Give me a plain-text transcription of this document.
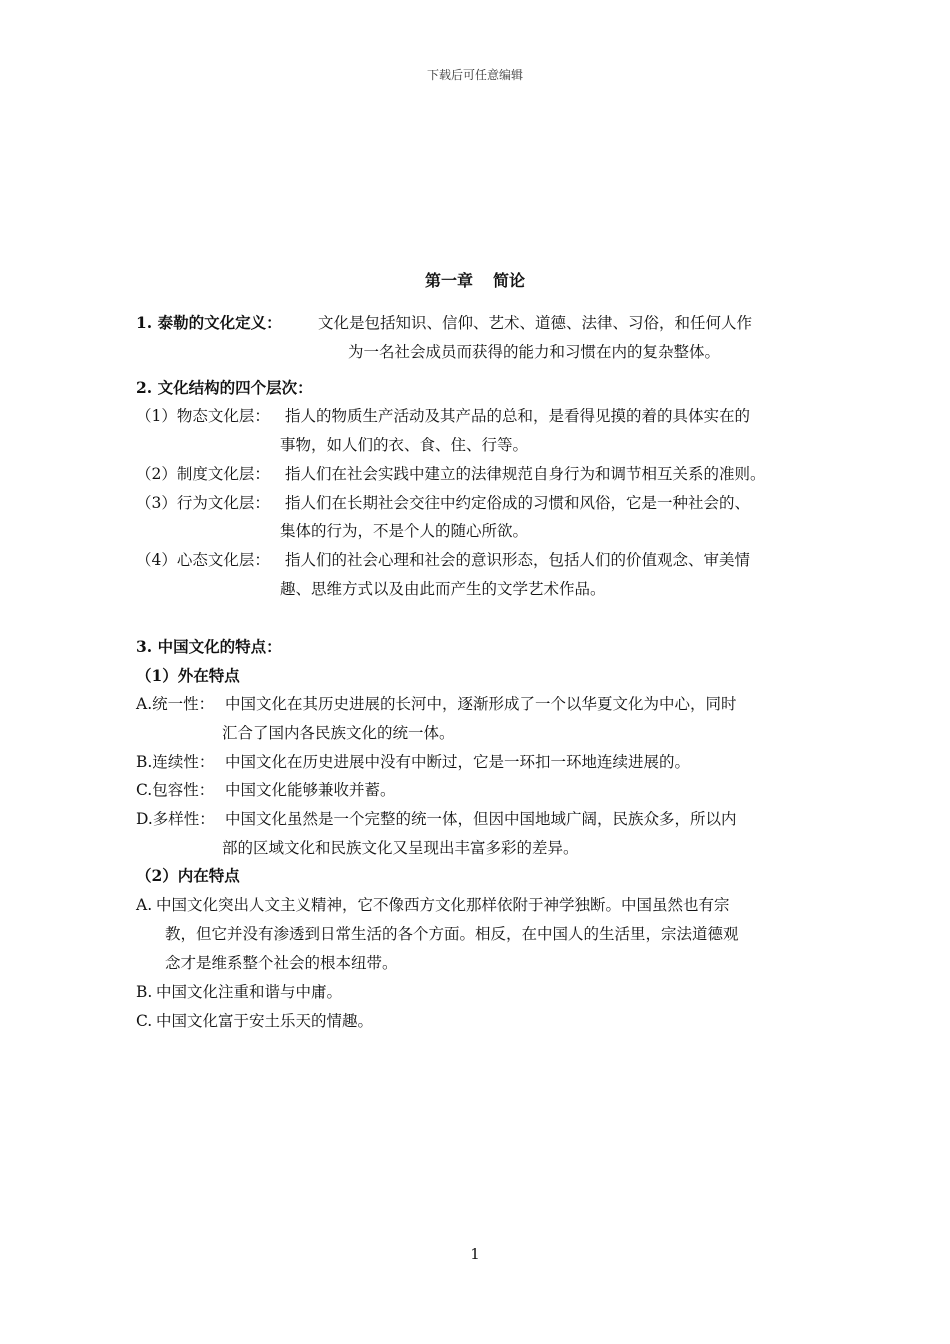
下载后可任意编辑
第一章 简论
1. 泰勒的文化定义： 文化是包括知识、信仰、艺术、道德、法律、习俗，和任何人作
为一名社会成员而获得的能力和习惯在内的复杂整体。
2. 文化结构的四个层次：
（1）物态文化层： 指人的物质生产活动及其产品的总和，是看得见摸的着的具体实在的
事物，如人们的衣、食、住、行等。
（2）制度文化层： 指人们在社会实践中建立的法律规范自身行为和调节相互关系的准则。
（3）行为文化层： 指人们在长期社会交往中约定俗成的习惯和风俗，它是一种社会的、
集体的行为，不是个人的随心所欲。
（4）心态文化层： 指人们的社会心理和社会的意识形态，包括人们的价值观念、审美情
趣、思维方式以及由此而产生的文学艺术作品。
3. 中国文化的特点：
（1）外在特点
A.统一性： 中国文化在其历史进展的长河中，逐渐形成了一个以华夏文化为中心，同时
汇合了国内各民族文化的统一体。
B.连续性： 中国文化在历史进展中没有中断过，它是一环扣一环地连续进展的。
C.包容性： 中国文化能够兼收并蓄。
D.多样性： 中国文化虽然是一个完整的统一体，但因中国地域广阔，民族众多，所以内
部的区域文化和民族文化又呈现出丰富多彩的差异。
（2）内在特点
A. 中国文化突出人文主义精神，它不像西方文化那样依附于神学独断。中国虽然也有宗
教，但它并没有渗透到日常生活的各个方面。相反，在中国人的生活里，宗法道德观
念才是维系整个社会的根本纽带。
B. 中国文化注重和谐与中庸。
C. 中国文化富于安土乐天的情趣。
1
